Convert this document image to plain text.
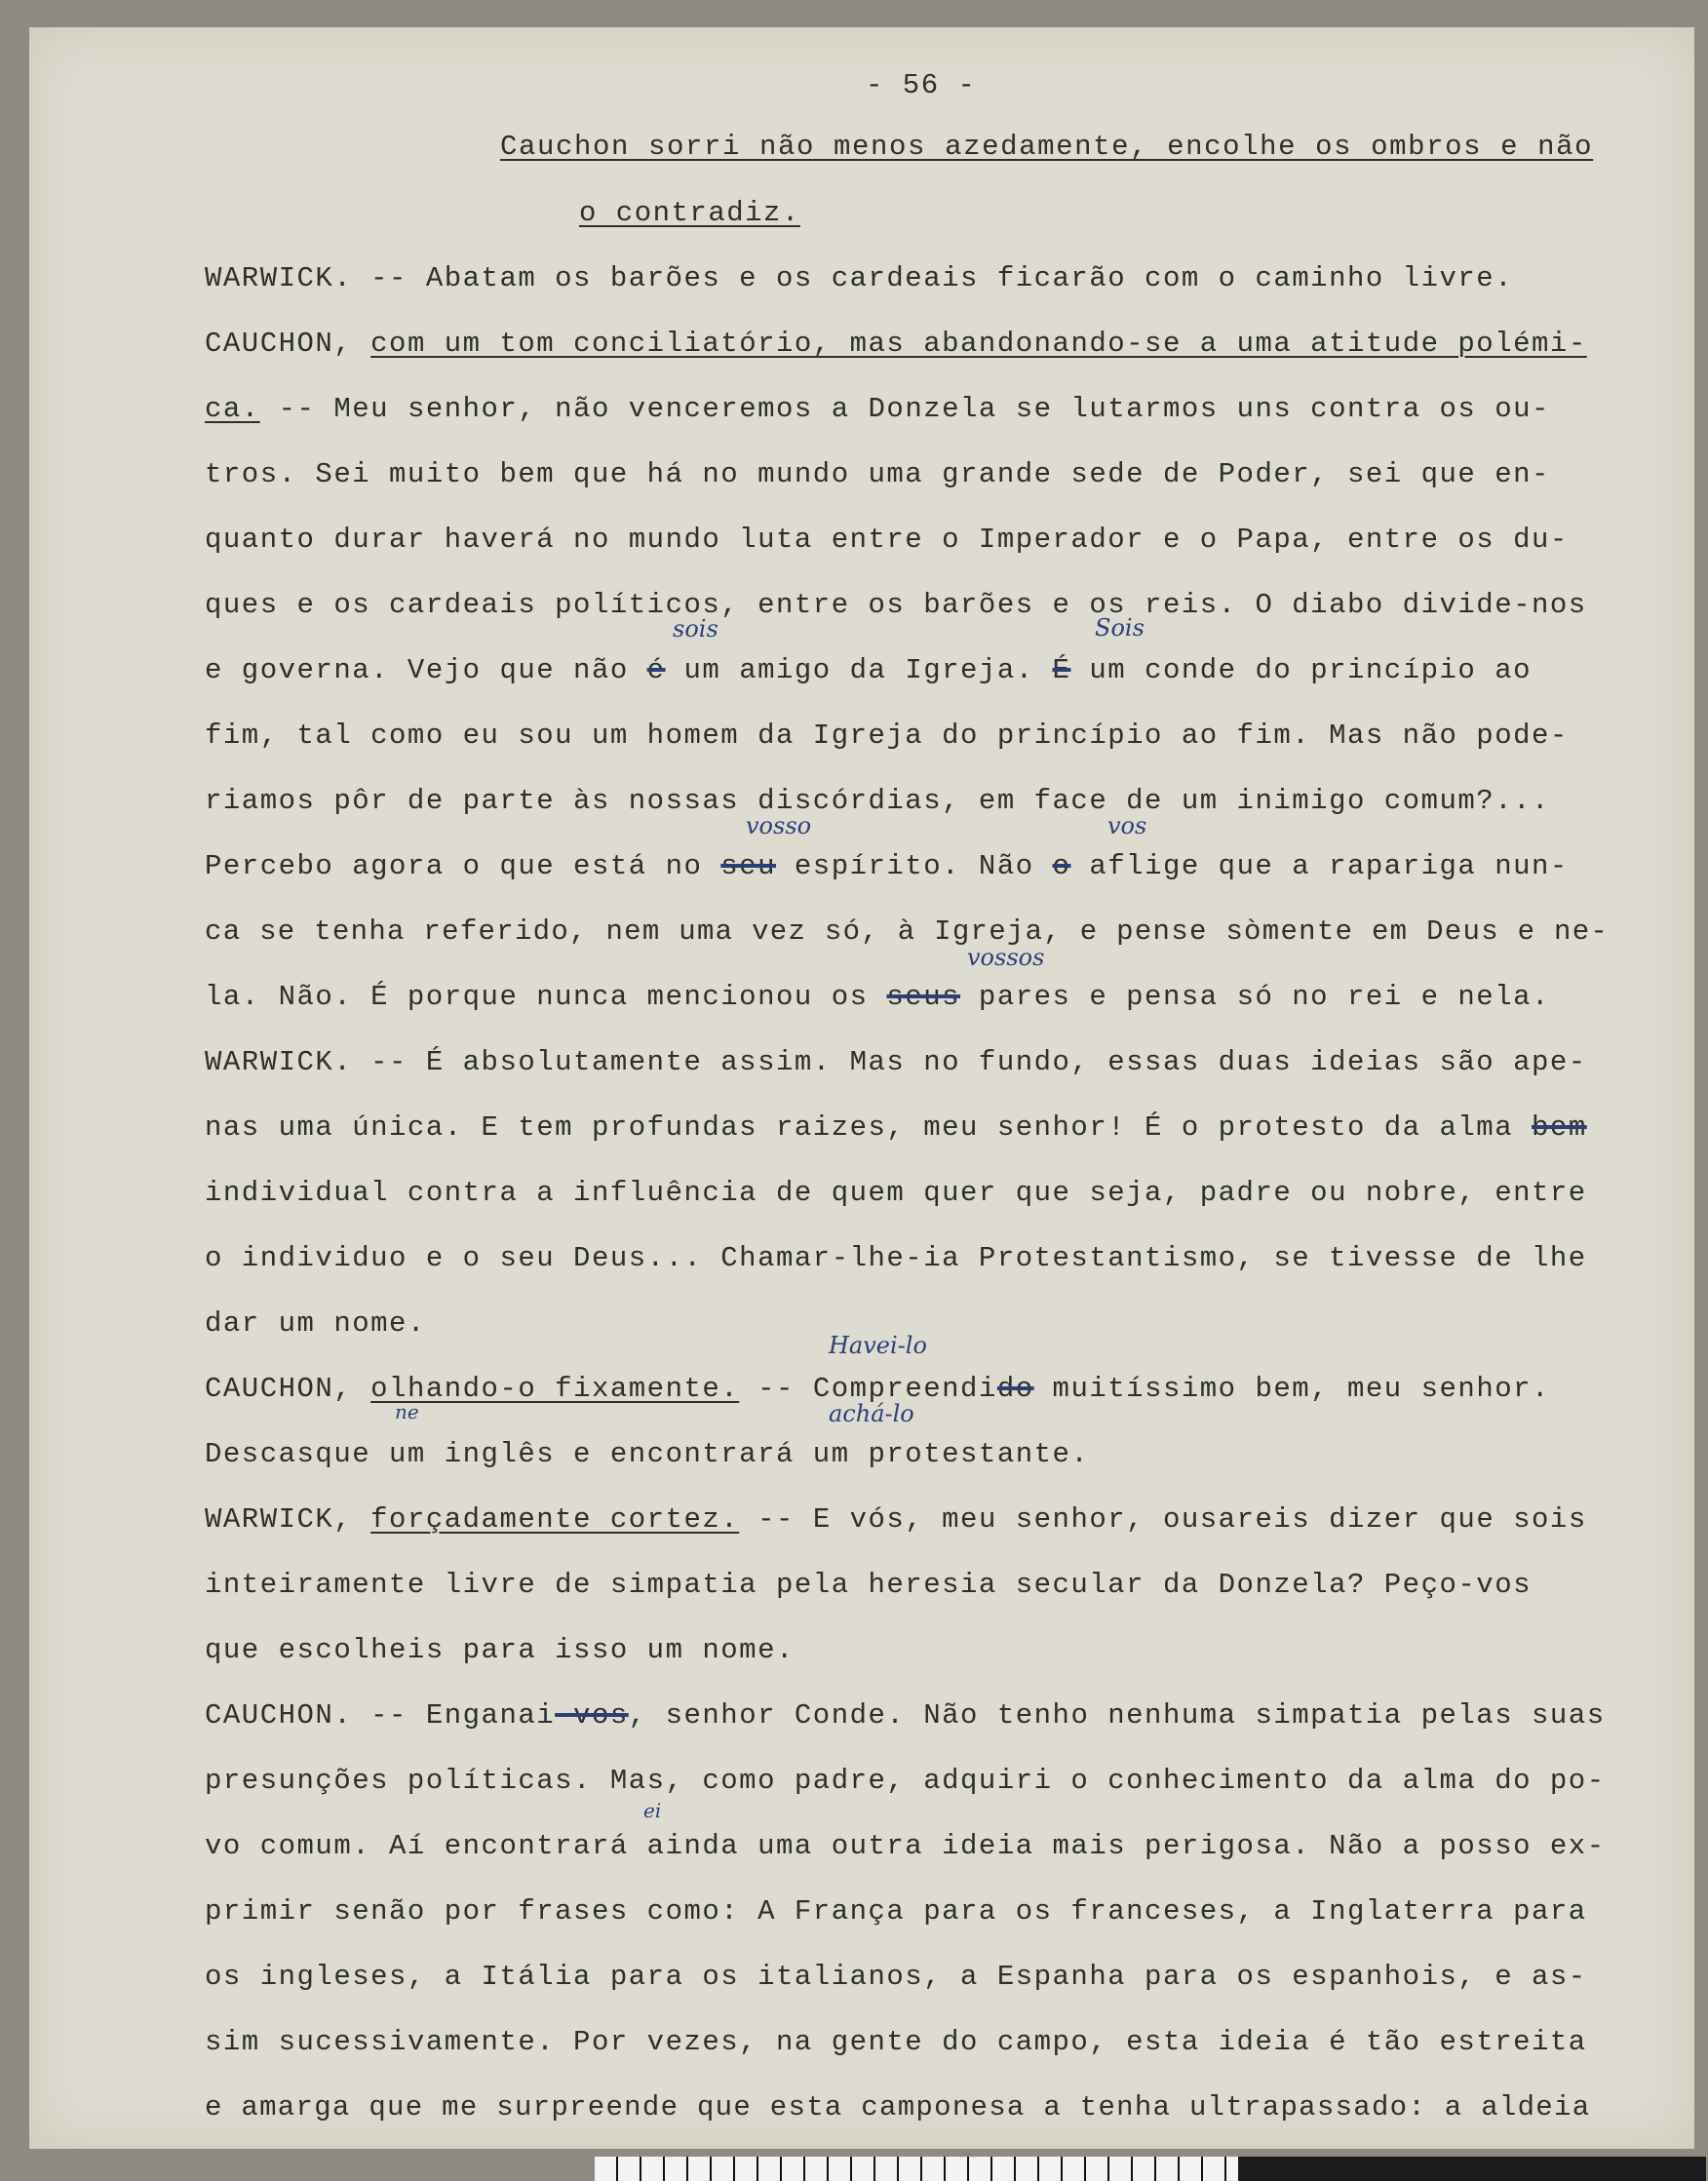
- 56 -
Cauchon sorri não menos azedamente, encolhe os ombros e não
o contradiz.
WARWICK. -- Abatam os barões e os cardeais ficarão com o caminho livre.
CAUCHON, com um tom conciliatório, mas abandonando-se a uma atitude polémi-
ca. -- Meu senhor, não venceremos a Donzela se lutarmos uns contra os ou-
tros. Sei muito bem que há no mundo uma grande sede de Poder, sei que en-
quanto durar haverá no mundo luta entre o Imperador e o Papa, entre os du-
ques e os cardeais políticos, entre os barões e os reis. O diabo divide-nos
sois	Sois
e governa. Vejo que não é um amigo da Igreja. É um conde do princípio ao
fim, tal como eu sou um homem da Igreja do princípio ao fim. Mas não pode-
riamos pôr de parte às nossas discórdias, em face de um inimigo comum?...
vosso	vos
Percebo agora o que está no seu espírito. Não o aflige que a rapariga nun-
ca se tenha referido, nem uma vez só, à Igreja, e pense sòmente em Deus e ne-
vossos
la. Não. É porque nunca mencionou os seus pares e pensa só no rei e nela.
WARWICK. -- É absolutamente assim. Mas no fundo, essas duas ideias são ape-
nas uma única. E tem profundas raizes, meu senhor! É o protesto da alma bem
individual contra a influência de quem quer que seja, padre ou nobre, entre
o individuo e o seu Deus... Chamar-lhe-ia Protestantismo, se tivesse de lhe
dar um nome.
Havei-lo
CAUCHON, olhando-o fixamente. -- Compreendido muitíssimo bem, meu senhor.
ne	achá-lo
Descasque um inglês e encontrará um protestante.
WARWICK, forçadamente cortez. -- E vós, meu senhor, ousareis dizer que sois
inteiramente livre de simpatia pela heresia secular da Donzela? Peço-vos
que escolheis para isso um nome.
CAUCHON. -- Enganai-vos, senhor Conde. Não tenho nenhuma simpatia pelas suas
presunções políticas. Mas, como padre, adquiri o conhecimento da alma do po-
ei
vo comum. Aí encontrará ainda uma outra ideia mais perigosa. Não a posso ex-
primir senão por frases como: A França para os franceses, a Inglaterra para
os ingleses, a Itália para os italianos, a Espanha para os espanhois, e as-
sim sucessivamente. Por vezes, na gente do campo, esta ideia é tão estreita
e amarga que me surpreende que esta camponesa a tenha ultrapassado: a aldeia
